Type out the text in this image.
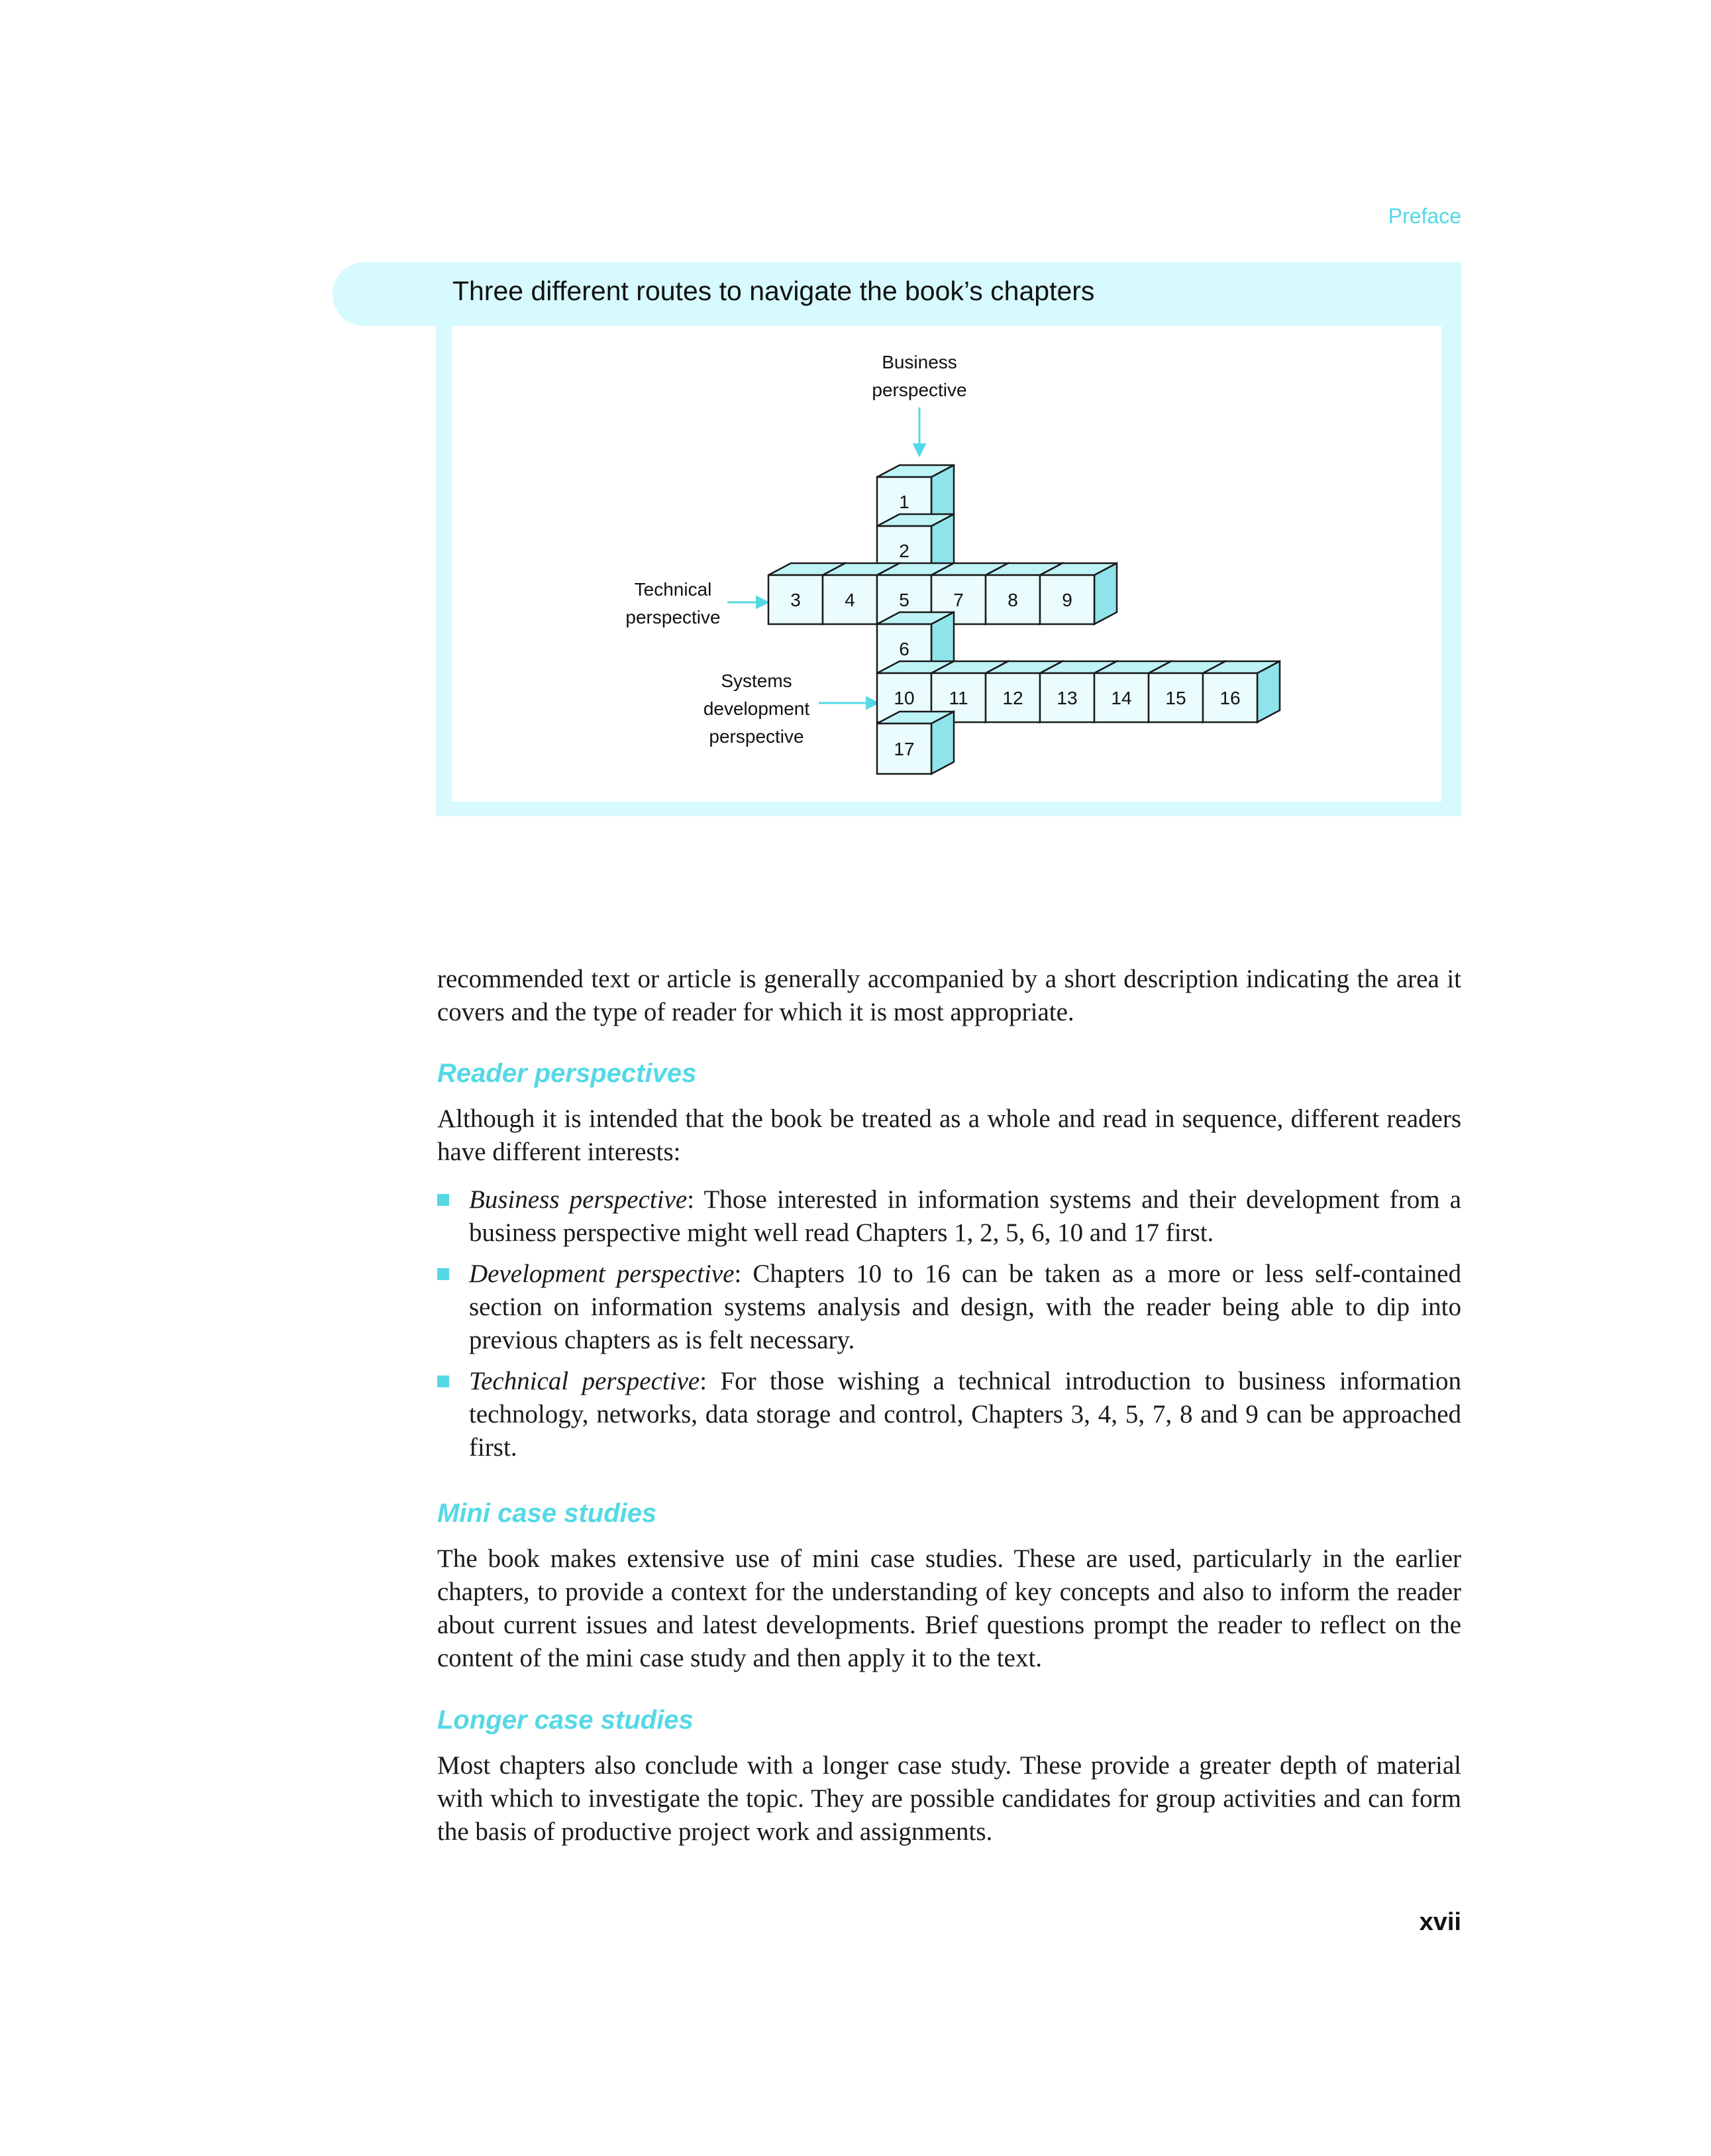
Preface
Three different routes to navigate the book’s chapters
Business
perspective
Technical
perspective
Systems
development
perspective
1
2
3 4 5 7 8 9
6
10 11 12 13 14 15 16
17

recommended text or article is generally accompanied by a short description indicating the area it covers and the type of reader for which it is most appropriate.

Reader perspectives

Although it is intended that the book be treated as a whole and read in sequence, different readers have different interests:

Business perspective: Those interested in information systems and their development from a business perspective might well read Chapters 1, 2, 5, 6, 10 and 17 first.
Development perspective: Chapters 10 to 16 can be taken as a more or less self-contained section on information systems analysis and design, with the reader being able to dip into previous chapters as is felt necessary.
Technical perspective: For those wishing a technical introduction to business information technology, networks, data storage and control, Chapters 3, 4, 5, 7, 8 and 9 can be approached first.
Mini case studies

The book makes extensive use of mini case studies. These are used, particularly in the earlier chapters, to provide a context for the understanding of key concepts and also to inform the reader about current issues and latest developments. Brief questions prompt the reader to reflect on the content of the mini case study and then apply it to the text.

Longer case studies

Most chapters also conclude with a longer case study. These provide a greater depth of material with which to investigate the topic. They are possible candidates for group activities and can form the basis of productive project work and assignments.

xvii
